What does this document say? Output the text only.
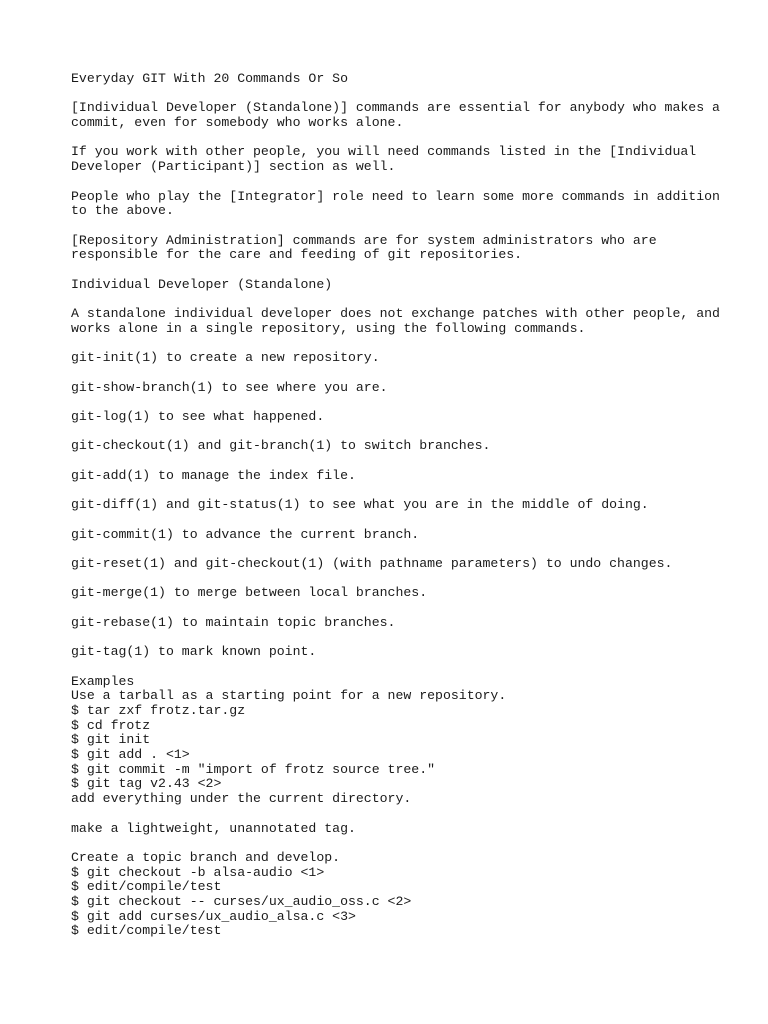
Everyday GIT With 20 Commands Or So
[Individual Developer (Standalone)] commands are essential for anybody who makes a
commit, even for somebody who works alone.
If you work with other people, you will need commands listed in the [Individual
Developer (Participant)] section as well.
People who play the [Integrator] role need to learn some more commands in addition
to the above.
[Repository Administration] commands are for system administrators who are
responsible for the care and feeding of git repositories.
Individual Developer (Standalone)
A standalone individual developer does not exchange patches with other people, and
works alone in a single repository, using the following commands.
git-init(1) to create a new repository.
git-show-branch(1) to see where you are.
git-log(1) to see what happened.
git-checkout(1) and git-branch(1) to switch branches.
git-add(1) to manage the index file.
git-diff(1) and git-status(1) to see what you are in the middle of doing.
git-commit(1) to advance the current branch.
git-reset(1) and git-checkout(1) (with pathname parameters) to undo changes.
git-merge(1) to merge between local branches.
git-rebase(1) to maintain topic branches.
git-tag(1) to mark known point.
Examples
Use a tarball as a starting point for a new repository.
$ tar zxf frotz.tar.gz
$ cd frotz
$ git init
$ git add . <1>
$ git commit -m "import of frotz source tree."
$ git tag v2.43 <2>
add everything under the current directory.
make a lightweight, unannotated tag.
Create a topic branch and develop.
$ git checkout -b alsa-audio <1>
$ edit/compile/test
$ git checkout -- curses/ux_audio_oss.c <2>
$ git add curses/ux_audio_alsa.c <3>
$ edit/compile/test
